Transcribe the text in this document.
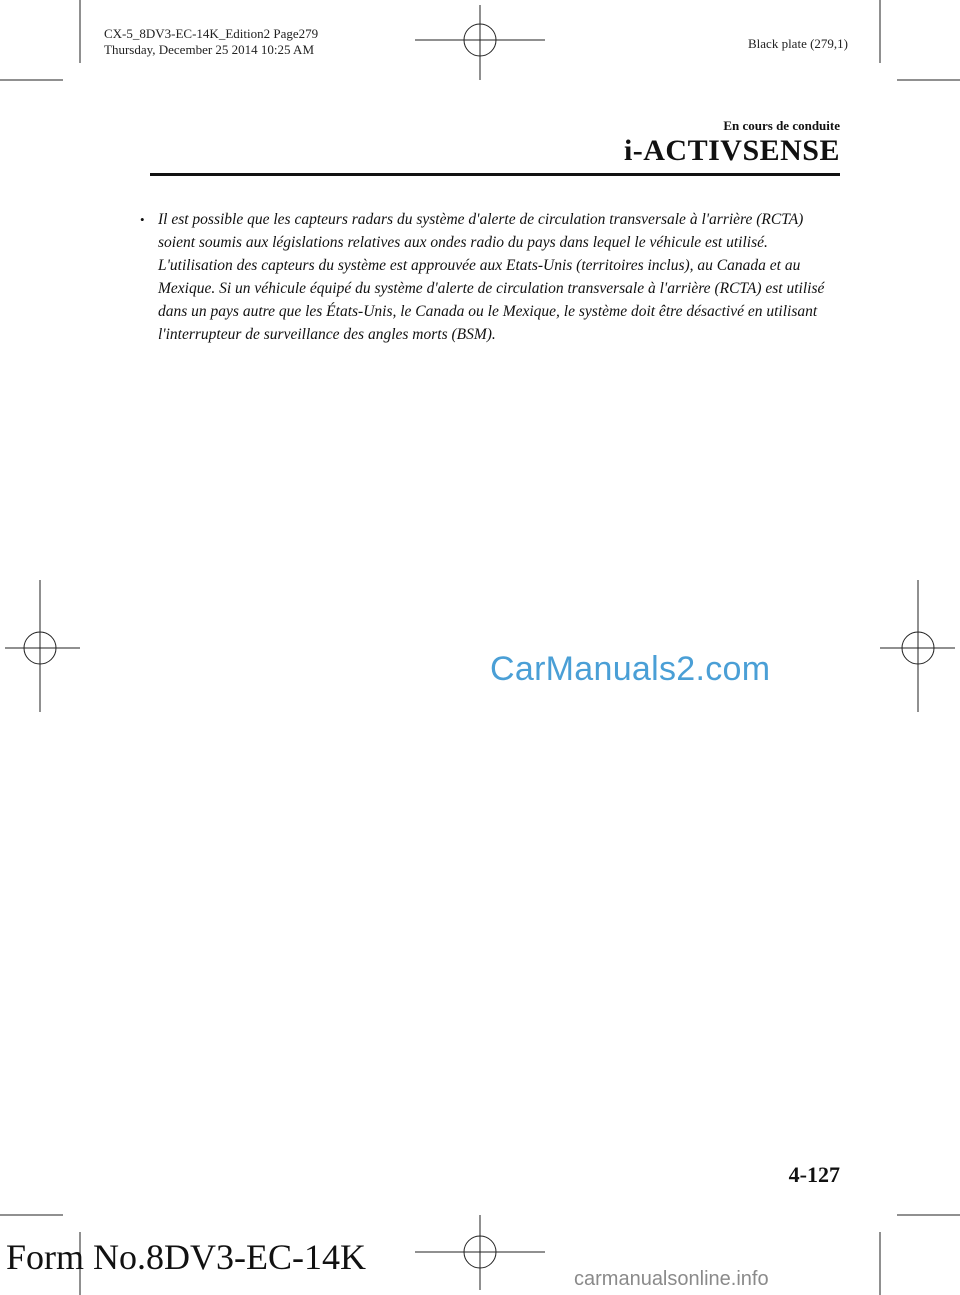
CX-5_8DV3-EC-14K_Edition2 Page279
Thursday, December 25 2014 10:25 AM	Black plate (279,1)
En cours de conduite
i-ACTIVSENSE
• Il est possible que les capteurs radars du système d'alerte de circulation transversale à l'arrière (RCTA) soient soumis aux législations relatives aux ondes radio du pays dans lequel le véhicule est utilisé. L'utilisation des capteurs du système est approuvée aux Etats-Unis (territoires inclus), au Canada et au Mexique. Si un véhicule équipé du système d'alerte de circulation transversale à l'arrière (RCTA) est utilisé dans un pays autre que les États-Unis, le Canada ou le Mexique, le système doit être désactivé en utilisant l'interrupteur de surveillance des angles morts (BSM).
CarManuals2.com
4-127
Form No.8DV3-EC-14K
carmanualsonline.info
